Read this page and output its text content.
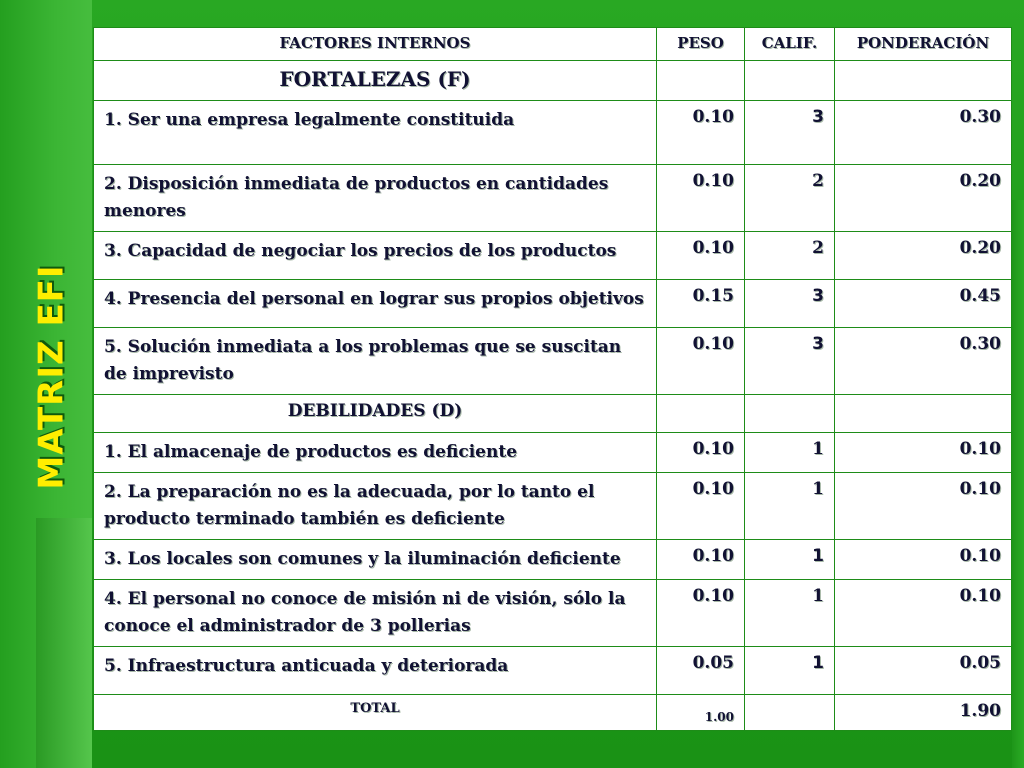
MATRIZ EFI
FACTORES INTERNOS	PESO	CALIF.	PONDERACIÓN
FORTALEZAS (F)			
1. Ser una empresa legalmente constituida	0.10	3	0.30
2. Disposición inmediata de productos en cantidades menores	0.10	2	0.20
3. Capacidad de negociar los precios de los productos	0.10	2	0.20
4. Presencia del personal en lograr sus propios objetivos	0.15	3	0.45
5. Solución inmediata a los problemas que se suscitan de imprevisto	0.10	3	0.30
DEBILIDADES (D)			
1. El almacenaje de productos es deficiente	0.10	1	0.10
2. La preparación no es la adecuada, por lo tanto el producto terminado también es deficiente	0.10	1	0.10
3. Los locales son comunes y la iluminación deficiente	0.10	1	0.10
4. El personal no conoce de misión ni de visión, sólo la conoce el administrador de 3 pollerias	0.10	1	0.10
5. Infraestructura anticuada y deteriorada	0.05	1	0.05
TOTAL	1.00		1.90
